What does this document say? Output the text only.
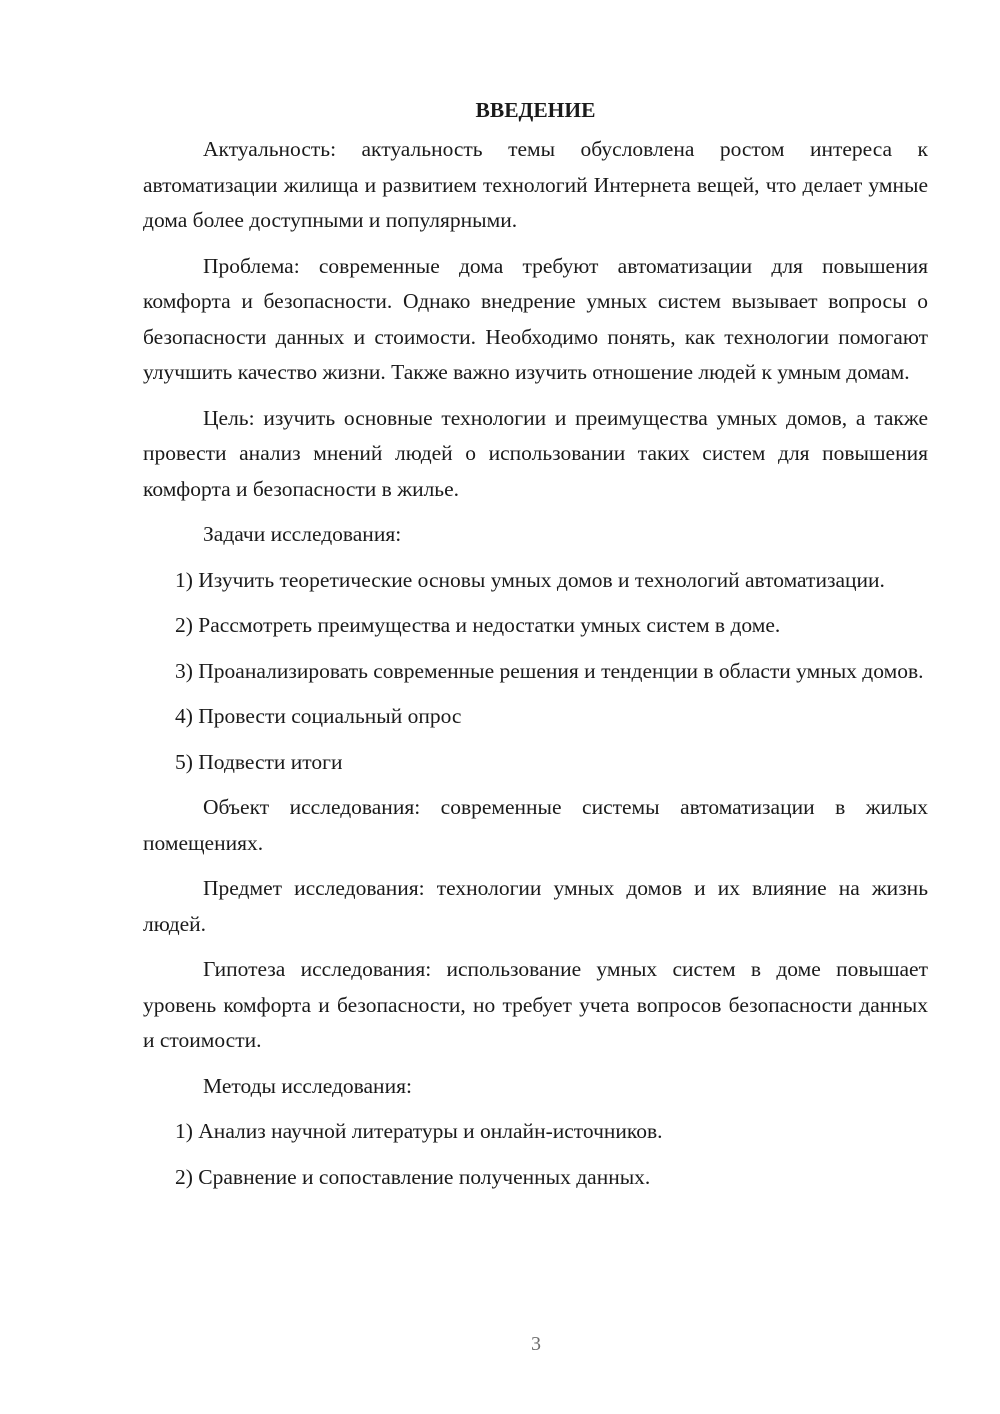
ВВЕДЕНИЕ

Актуальность: актуальность темы обусловлена ростом интереса к автоматизации жилища и развитием технологий Интернета вещей, что делает умные дома более доступными и популярными.

Проблема: современные дома требуют автоматизации для повышения комфорта и безопасности. Однако внедрение умных систем вызывает вопросы о безопасности данных и стоимости. Необходимо понять, как технологии помогают улучшить качество жизни. Также важно изучить отношение людей к умным домам.

Цель: изучить основные технологии и преимущества умных домов, а также провести анализ мнений людей о использовании таких систем для повышения комфорта и безопасности в жилье.

Задачи исследования:

1) Изучить теоретические основы умных домов и технологий автоматизации.

2) Рассмотреть преимущества и недостатки умных систем в доме.

3) Проанализировать современные решения и тенденции в области умных домов.

4) Провести социальный опрос

5) Подвести итоги

Объект исследования: современные системы автоматизации в жилых помещениях.

Предмет исследования: технологии умных домов и их влияние на жизнь людей.

Гипотеза исследования: использование умных систем в доме повышает уровень комфорта и безопасности, но требует учета вопросов безопасности данных и стоимости.

Методы исследования:

1) Анализ научной литературы и онлайн-источников.

2) Сравнение и сопоставление полученных данных.

3
